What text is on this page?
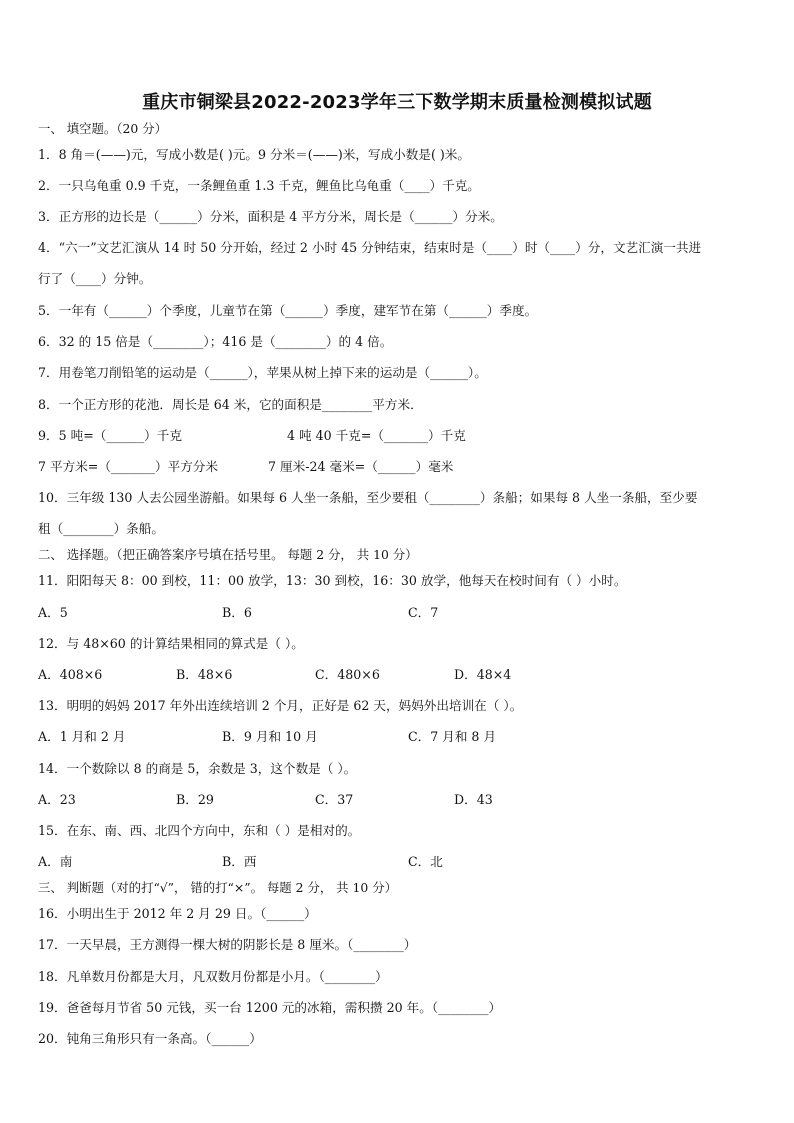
重庆市铜梁县2022-2023学年三下数学期末质量检测模拟试题
一、 填空题。（20 分）
1．8 角＝(——)元，写成小数是( )元。9 分米＝(——)米，写成小数是( )米。
2．一只乌龟重 0.9 千克，一条鲤鱼重 1.3 千克，鲤鱼比乌龟重（____）千克。
3．正方形的边长是（______）分米，面积是 4 平方分米，周长是（______）分米。
4．“六一”文艺汇演从 14 时 50 分开始，经过 2 小时 45 分钟结束，结束时是（____）时（____）分，文艺汇演一共进
行了（____）分钟。
5．一年有（______）个季度，儿童节在第（______）季度，建军节在第（______）季度。
6．32 的 15 倍是（________）；416 是（________）的 4 倍。
7．用卷笔刀削铅笔的运动是（______），苹果从树上掉下来的运动是（______）。
8．一个正方形的花池．周长是 64 米，它的面积是________平方米．
9．5 吨=（______）千克	4 吨 40 千克=（_______）千克
7 平方米=（_______）平方分米	7 厘米-24 毫米=（______）毫米
10．三年级 130 人去公园坐游船。如果每 6 人坐一条船，至少要租（________）条船；如果每 8 人坐一条船，至少要
租（________）条船。
二、 选择题。（把正确答案序号填在括号里。 每题 2 分， 共 10 分）
11．阳阳每天 8：00 到校，11：00 放学，13：30 到校，16：30 放学，他每天在校时间有（ ）小时。
A．5	B．6	C．7
12．与 48×60 的计算结果相同的算式是（ ）。
A．408×6	B．48×6	C．480×6	D．48×4
13．明明的妈妈 2017 年外出连续培训 2 个月，正好是 62 天，妈妈外出培训在（ ）。
A．1 月和 2 月	B．9 月和 10 月	C．7 月和 8 月
14．一个数除以 8 的商是 5，余数是 3，这个数是（ ）。
A．23	B．29	C．37	D．43
15．在东、南、西、北四个方向中，东和（ ）是相对的。
A．南	B．西	C．北
三、 判断题（对的打“√”， 错的打“×”。 每题 2 分， 共 10 分）
16．小明出生于 2012 年 2 月 29 日。（______）
17．一天早晨，王方测得一棵大树的阴影长是 8 厘米。（________）
18．凡单数月份都是大月，凡双数月份都是小月。（________）
19．爸爸每月节省 50 元钱，买一台 1200 元的冰箱，需积攒 20 年。（________）
20．钝角三角形只有一条高。（______）
